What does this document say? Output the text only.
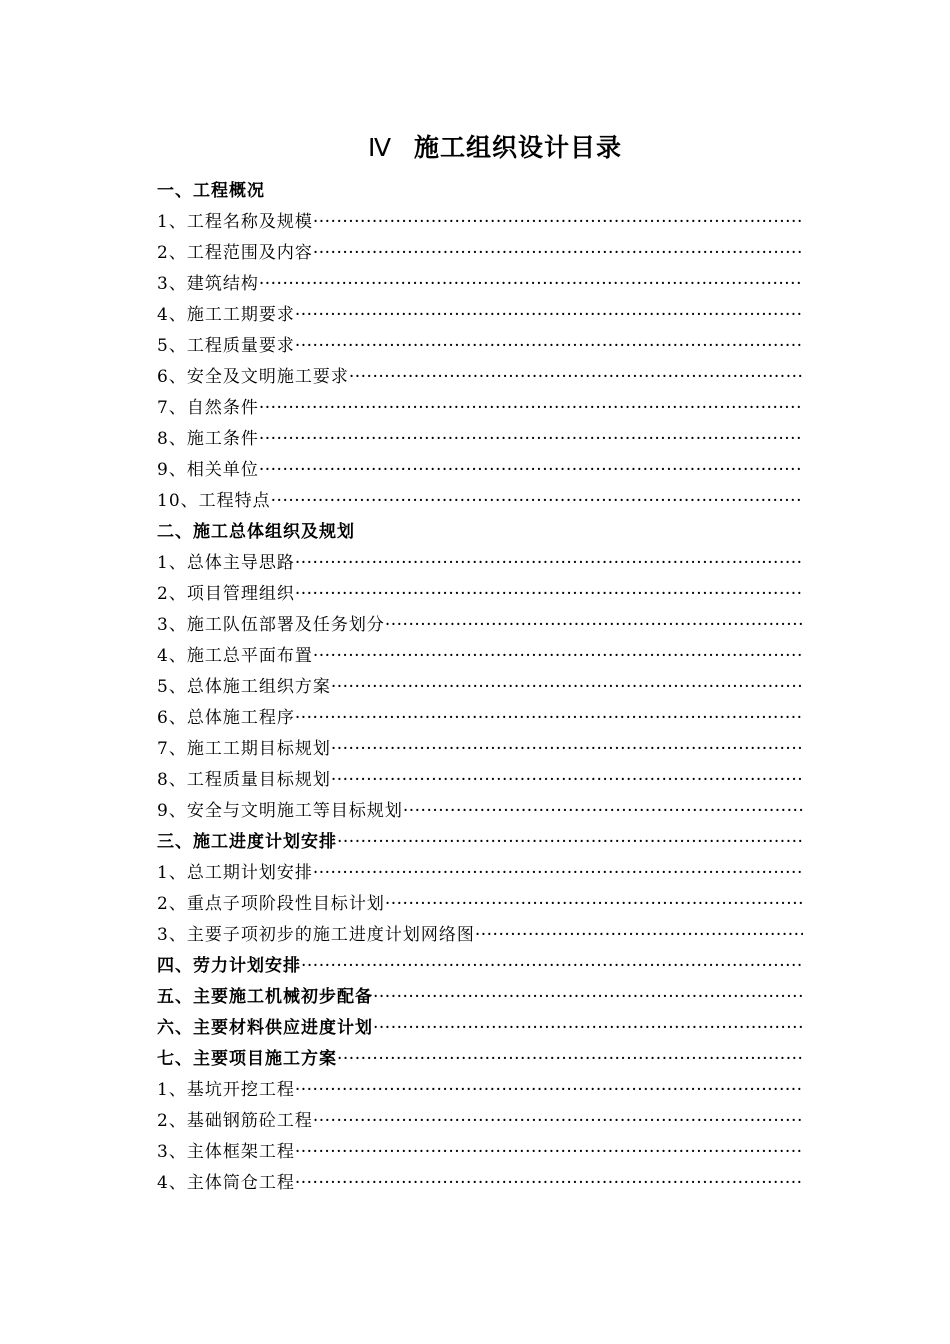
Ⅳ 施工组织设计目录
一、工程概况
1、工程名称及规模
·····
2、工程范围及内容
·····
3、建筑结构
·····
4、施工工期要求
·····
5、工程质量要求
·····
6、安全及文明施工要求
·····
7、自然条件
·····
8、施工条件
·····
9、相关单位
·····
10、工程特点
·····
二、施工总体组织及规划
1、总体主导思路
·····
2、项目管理组织
·····
3、施工队伍部署及任务划分
·····
4、施工总平面布置
·····
5、总体施工组织方案
·····
6、总体施工程序
·····
7、施工工期目标规划
·····
8、工程质量目标规划
·····
9、安全与文明施工等目标规划
·····
三、施工进度计划安排
·····
1、总工期计划安排
·····
2、重点子项阶段性目标计划
·····
3、主要子项初步的施工进度计划网络图
·····
四、劳力计划安排
·····
五、主要施工机械初步配备
·····
六、主要材料供应进度计划
·····
七、主要项目施工方案
·····
1、基坑开挖工程
·····
2、基础钢筋砼工程
·····
3、主体框架工程
·····
4、主体筒仓工程
·····
